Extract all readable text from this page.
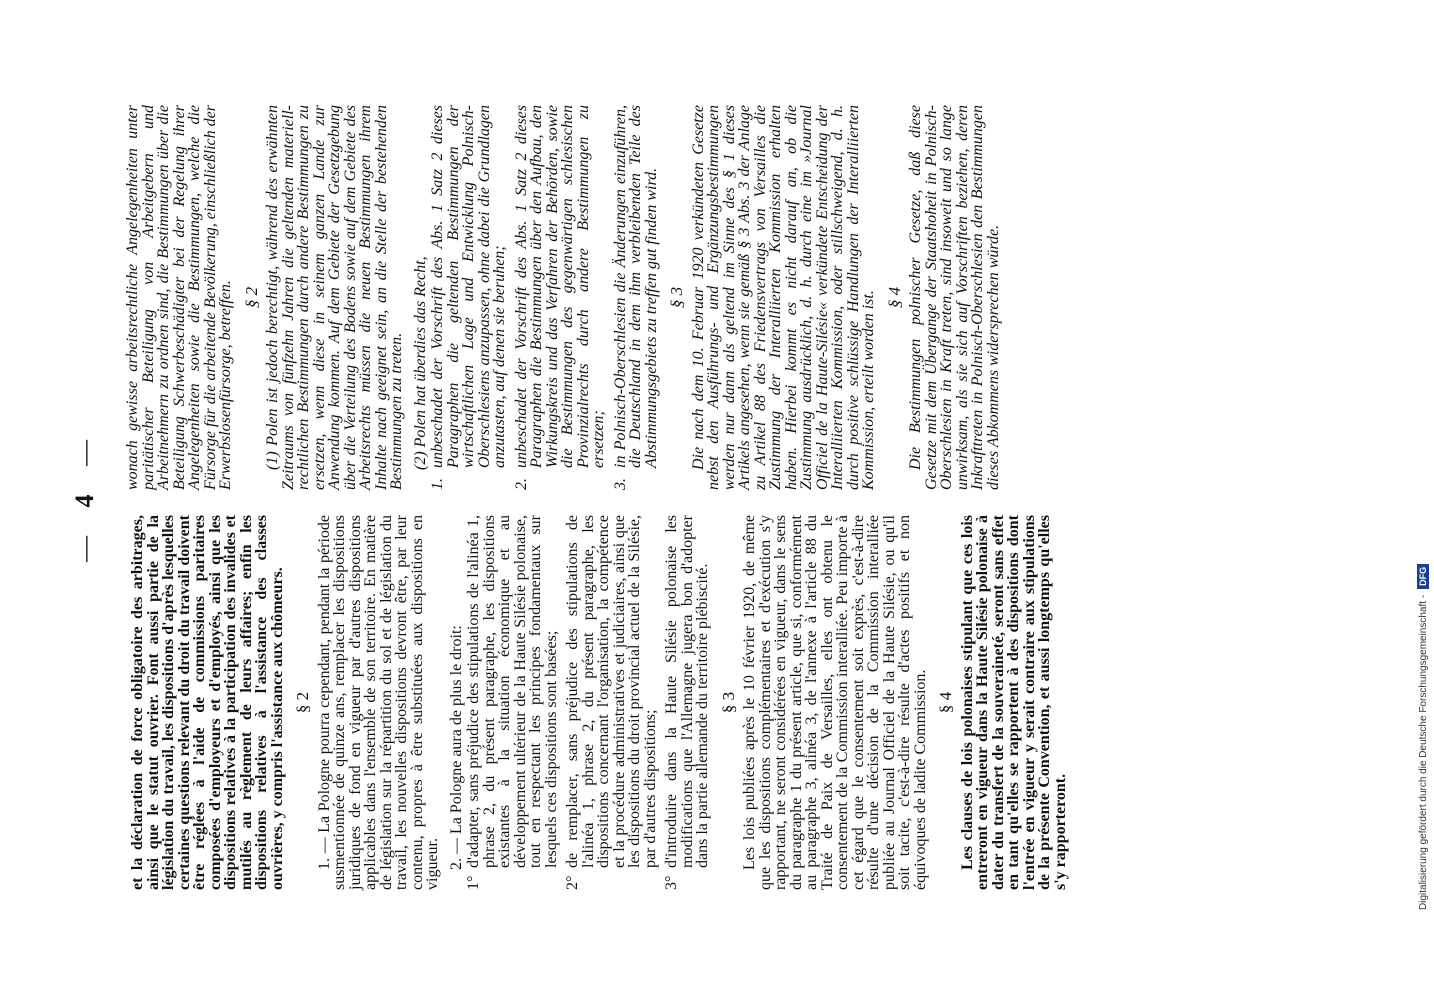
— 4 —

et la déclaration de force obligatoire des arbitrages, ainsi que le statut ouvrier. Font aussi partie de la législation du travail, les dispositions d'après lesquelles certaines questions relevant du droit du travail doivent être réglées à l'aide de commissions paritaires composées d'employeurs et d'employés, ainsi que les dispositions relatives à la participation des invalides et mutilés au règlement de leurs affaires; enfin les dispositions relatives à l'assistance des classes ouvrières, y compris l'assistance aux chômeurs. § 2 1. — La Pologne pourra cependant, pendant la période susmentionnée de quinze ans, remplacer les dispositions juridiques de fond en vigueur par d'autres dispositions applicables dans l'ensemble de son territoire. En matière de législation sur la répartition du sol et de législation du travail, les nouvelles dispositions devront être, par leur contenu, propres à être substituées aux dispositions en vigueur. 2. — La Pologne aura de plus le droit:

1°
d'adapter, sans préjudice des stipulations de l'alinéa 1, phrase 2, du présent paragraphe, les dispositions existantes à la situation économique et au développement ultérieur de la Haute Silésie polonaise, tout en respectant les principes fondamentaux sur lesquels ces dispositions sont basées;
2°
de remplacer, sans préjudice des stipulations de l'alinéa 1, phrase 2, du présent paragraphe, les dispositions concernant l'organisation, la compétence et la procédure administratives et judiciaires, ainsi que les dispositions du droit provincial actuel de la Silésie, par d'autres dispositions;
3°
d'introduire dans la Haute Silésie polonaise les modifications que l'Allemagne jugera bon d'adopter dans la partie allemande du territoire plébiscité. § 3 Les lois publiées après le 10 février 1920, de même que les dispositions complémentaires et d'exécution s'y rapportant, ne seront considérées en vigueur, dans le sens du paragraphe 1 du présent article, que si, conformément au paragraphe 3, alinéa 3, de l'annexe à l'article 88 du Traité de Paix de Versailles, elles ont obtenu le consentement de la Commission interalliée. Peu importe à cet égard que le consentement soit exprès, c'est-à-dire résulte d'une décision de la Commission interalliée publiée au Journal Officiel de la Haute Silésie, ou qu'il soit tacite, c'est-à-dire résulte d'actes positifs et non équivoques de ladite Commission. § 4 Les clauses de lois polonaises stipulant que ces lois entreront en vigueur dans la Haute Silésie polonaise à dater du transfert de la souveraineté, seront sans effet en tant qu'elles se rapportent à des dispositions dont l'entrée en vigueur y serait contraire aux stipulations de la présente Convention, et aussi longtemps qu'elles s'y rapporteront.

wonach gewisse arbeitsrechtliche Angelegenheiten unter paritätischer Beteiligung von Arbeitgebern und Arbeitnehmern zu ordnen sind, die Bestimmungen über die Beteiligung Schwerbeschädigter bei der Regelung ihrer Angelegenheiten sowie die Bestimmungen, welche die Fürsorge für die arbeitende Bevölkerung, einschließlich der Erwerbslosenfürsorge, betreffen. § 2 (1) Polen ist jedoch berechtigt, während des erwähnten Zeitraums von fünfzehn Jahren die geltenden materiell-rechtlichen Bestimmungen durch andere Bestimmungen zu ersetzen, wenn diese in seinem ganzen Lande zur Anwendung kommen. Auf dem Gebiete der Gesetzgebung über die Verteilung des Bodens sowie auf dem Gebiete des Arbeitsrechts müssen die neuen Bestimmungen ihrem Inhalte nach geeignet sein, an die Stelle der bestehenden Bestimmungen zu treten. (2) Polen hat überdies das Recht,

1.
unbeschadet der Vorschrift des Abs. 1 Satz 2 dieses Paragraphen die geltenden Bestimmungen der wirtschaftlichen Lage und Entwicklung Polnisch-Oberschlesiens anzupassen, ohne dabei die Grundlagen anzutasten, auf denen sie beruhen;
2.
unbeschadet der Vorschrift des Abs. 1 Satz 2 dieses Paragraphen die Bestimmungen über den Aufbau, den Wirkungskreis und das Verfahren der Behörden, sowie die Bestimmungen des gegenwärtigen schlesischen Provinzialrechts durch andere Bestimmungen zu ersetzen;
3.
in Polnisch-Oberschlesien die Änderungen einzuführen, die Deutschland in dem ihm verbleibenden Teile des Abstimmungsgebiets zu treffen gut finden wird. § 3 Die nach dem 10. Februar 1920 verkündeten Gesetze nebst den Ausführungs- und Ergänzungsbestimmungen werden nur dann als geltend im Sinne des § 1 dieses Artikels angesehen, wenn sie gemäß § 3 Abs. 3 der Anlage zu Artikel 88 des Friedensvertrags von Versailles die Zustimmung der Interalliierten Kommission erhalten haben. Hierbei kommt es nicht darauf an, ob die Zustimmung ausdrücklich, d. h. durch eine im »Journal Officiel de la Haute-Silésie« verkündete Entscheidung der Interalliierten Kommission, oder stillschweigend, d. h. durch positive schlüssige Handlungen der Interalliierten Kommission, erteilt worden ist. § 4 Die Bestimmungen polnischer Gesetze, daß diese Gesetze mit dem Übergange der Staatshoheit in Polnisch-Oberschlesien in Kraft treten, sind insoweit und so lange unwirksam, als sie sich auf Vorschriften beziehen, deren Inkrafttreten in Polnisch-Oberschlesien den Bestimmungen dieses Abkommens widersprechen würde.

Digitalisierung gefördert durch die Deutsche Forschungsgemeinschaft -
DFG
